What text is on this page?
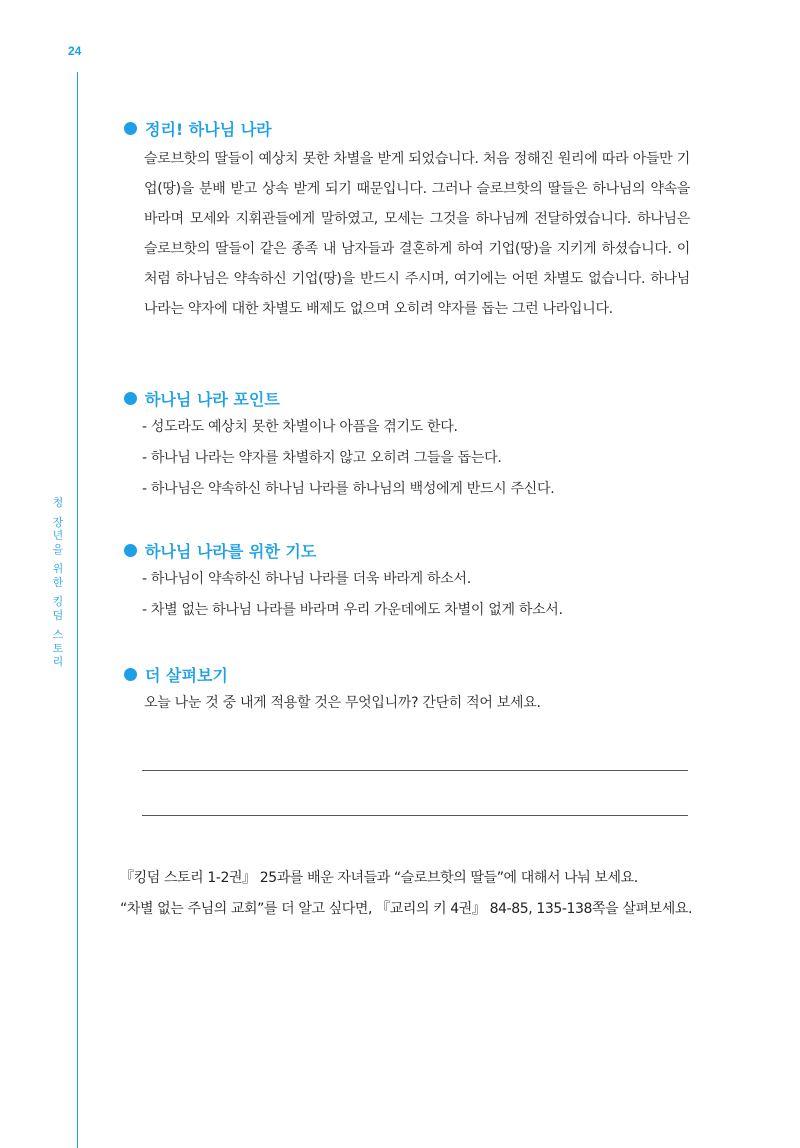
24
청
장
년
을
위
한
킹
덤
스
토
리
정리! 하나님 나라
슬로브핫의 딸들이 예상치 못한 차별을 받게 되었습니다. 처음 정해진 원리에 따라 아들만 기업(땅)을 분배 받고 상속 받게 되기 때문입니다. 그러나 슬로브핫의 딸들은 하나님의 약속을 바라며 모세와 지휘관들에게 말하였고, 모세는 그것을 하나님께 전달하였습니다. 하나님은 슬로브핫의 딸들이 같은 종족 내 남자들과 결혼하게 하여 기업(땅)을 지키게 하셨습니다. 이처럼 하나님은 약속하신 기업(땅)을 반드시 주시며, 여기에는 어떤 차별도 없습니다. 하나님 나라는 약자에 대한 차별도 배제도 없으며 오히려 약자를 돕는 그런 나라입니다.
하나님 나라 포인트
- 성도라도 예상치 못한 차별이나 아픔을 겪기도 한다.
- 하나님 나라는 약자를 차별하지 않고 오히려 그들을 돕는다.
- 하나님은 약속하신 하나님 나라를 하나님의 백성에게 반드시 주신다.
하나님 나라를 위한 기도
- 하나님이 약속하신 하나님 나라를 더욱 바라게 하소서.
- 차별 없는 하나님 나라를 바라며 우리 가운데에도 차별이 없게 하소서.
더 살펴보기
오늘 나눈 것 중 내게 적용할 것은 무엇입니까? 간단히 적어 보세요.
『킹덤 스토리 1-2권』 25과를 배운 자녀들과 “슬로브핫의 딸들”에 대해서 나눠 보세요.
“차별 없는 주님의 교회”를 더 알고 싶다면, 『교리의 키 4권』 84-85, 135-138쪽을 살펴보세요.
